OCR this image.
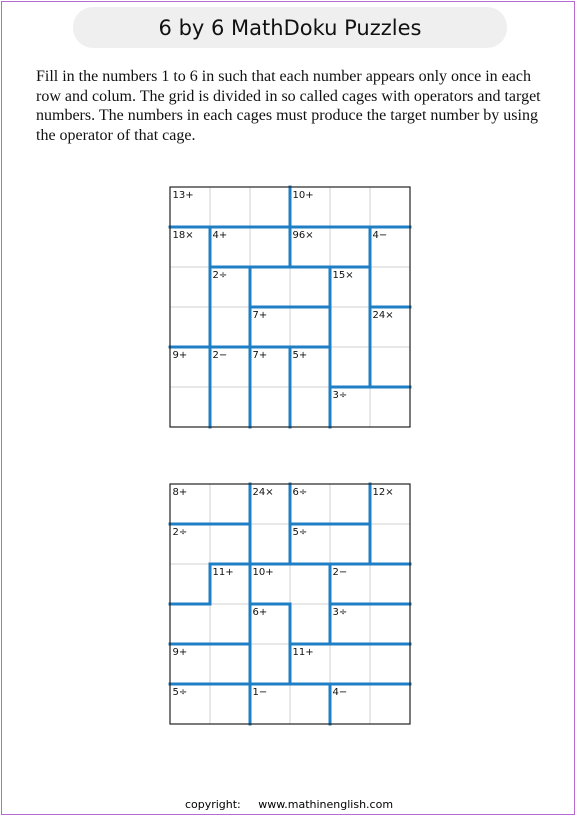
6 by 6 MathDoku Puzzles

Fill in the numbers 1 to 6 in such that each number appears only once in each row and colum. The grid is divided in so called cages with operators and target numbers. The numbers in each cages must produce the target number by using the operator of that cage.

13+	10+
18× 4+	96×	4−
2÷	15×
7+	24×
9+	2−	7+	5+
3÷
8+	24× 6÷	12×
2÷	5÷
11+ 10+	2−
6+	3÷
9+	11+
5÷	1−	4−
copyright: www.mathinenglish.com
